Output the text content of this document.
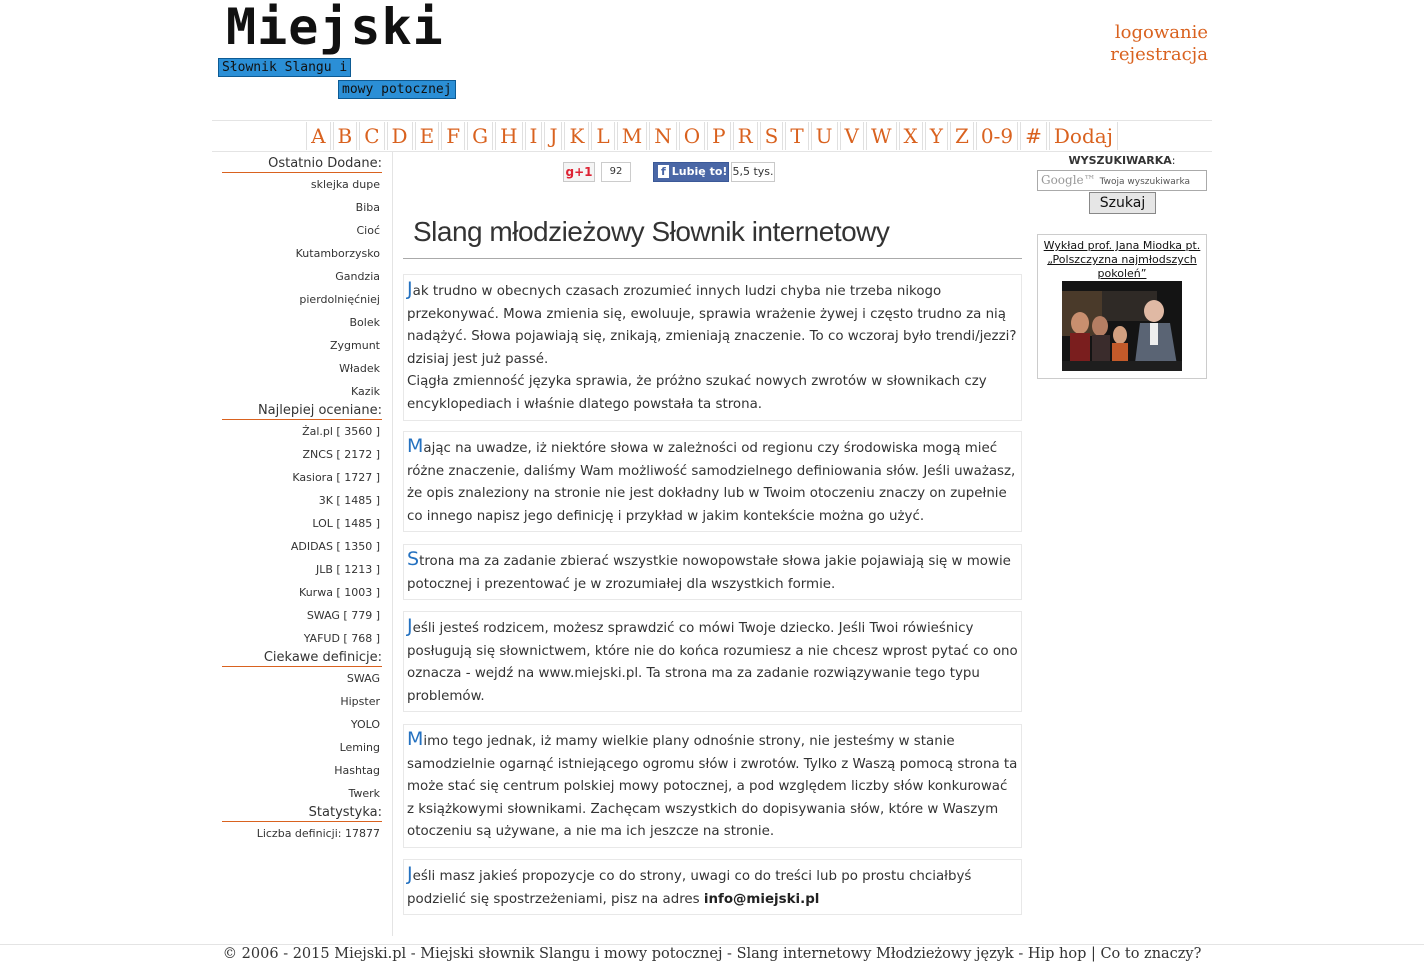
Miejski
Słownik Slangu i
mowy potocznej
logowanie
rejestracja
A B C D E F G H I J K L M N O P R S T U V W X Y Z 0-9 # Dodaj
Ostatnio Dodane:
sklejka dupe
Biba
Cioć
Kutamborzysko
Gandzia
pierdolnięćniej
Bolek
Zygmunt
Władek
Kazik
Najlepiej oceniane:
Żal.pl [ 3560 ]
ZNCS [ 2172 ]
Kasiora [ 1727 ]
3K [ 1485 ]
LOL [ 1485 ]
ADIDAS [ 1350 ]
JLB [ 1213 ]
Kurwa [ 1003 ]
SWAG [ 779 ]
YAFUD [ 768 ]
Ciekawe definicje:
SWAG
Hipster
YOLO
Leming
Hashtag
Twerk
Statystyka:
Liczba definicji: 17877
g+1	92	f Lubię to! 5,5 tys.
Slang młodzieżowy Słownik internetowy
Jak trudno w obecnych czasach zrozumieć innych ludzi chyba nie trzeba nikogo przekonywać. Mowa zmienia się, ewoluuje, sprawia wrażenie żywej i często trudno za nią nadążyć. Słowa pojawiają się, znikają, zmieniają znaczenie. To co wczoraj było trendi/jezzi? dzisiaj jest już passé.
Ciągła zmienność języka sprawia, że próżno szukać nowych zwrotów w słownikach czy encyklopediach i właśnie dlatego powstała ta strona.
Mając na uwadze, iż niektóre słowa w zależności od regionu czy środowiska mogą mieć różne znaczenie, daliśmy Wam możliwość samodzielnego definiowania słów. Jeśli uważasz, że opis znaleziony na stronie nie jest dokładny lub w Twoim otoczeniu znaczy on zupełnie co innego napisz jego definicję i przykład w jakim kontekście można go użyć.
Strona ma za zadanie zbierać wszystkie nowopowstałe słowa jakie pojawiają się w mowie potocznej i prezentować je w zrozumiałej dla wszystkich formie.
Jeśli jesteś rodzicem, możesz sprawdzić co mówi Twoje dziecko. Jeśli Twoi rówieśnicy posługują się słownictwem, które nie do końca rozumiesz a nie chcesz wprost pytać co ono oznacza - wejdź na www.miejski.pl. Ta strona ma za zadanie rozwiązywanie tego typu problemów.
Mimo tego jednak, iż mamy wielkie plany odnośnie strony, nie jesteśmy w stanie samodzielnie ogarnąć istniejącego ogromu słów i zwrotów. Tylko z Waszą pomocą strona ta może stać się centrum polskiej mowy potocznej, a pod względem liczby słów konkurować z książkowymi słownikami. Zachęcam wszystkich do dopisywania słów, które w Waszym otoczeniu są używane, a nie ma ich jeszcze na stronie.
Jeśli masz jakieś propozycje co do strony, uwagi co do treści lub po prostu chciałbyś podzielić się spostrzeżeniami, pisz na adres info@miejski.pl
WYSZUKIWARKA:
Google™ Twoja wyszukiwarka
Szukaj
Wykład prof. Jana Miodka pt. „Polszczyzna najmłodszych pokoleń”
© 2006 - 2015 Miejski.pl - Miejski słownik Slangu i mowy potocznej - Slang internetowy Młodzieżowy język - Hip hop | Co to znaczy?
